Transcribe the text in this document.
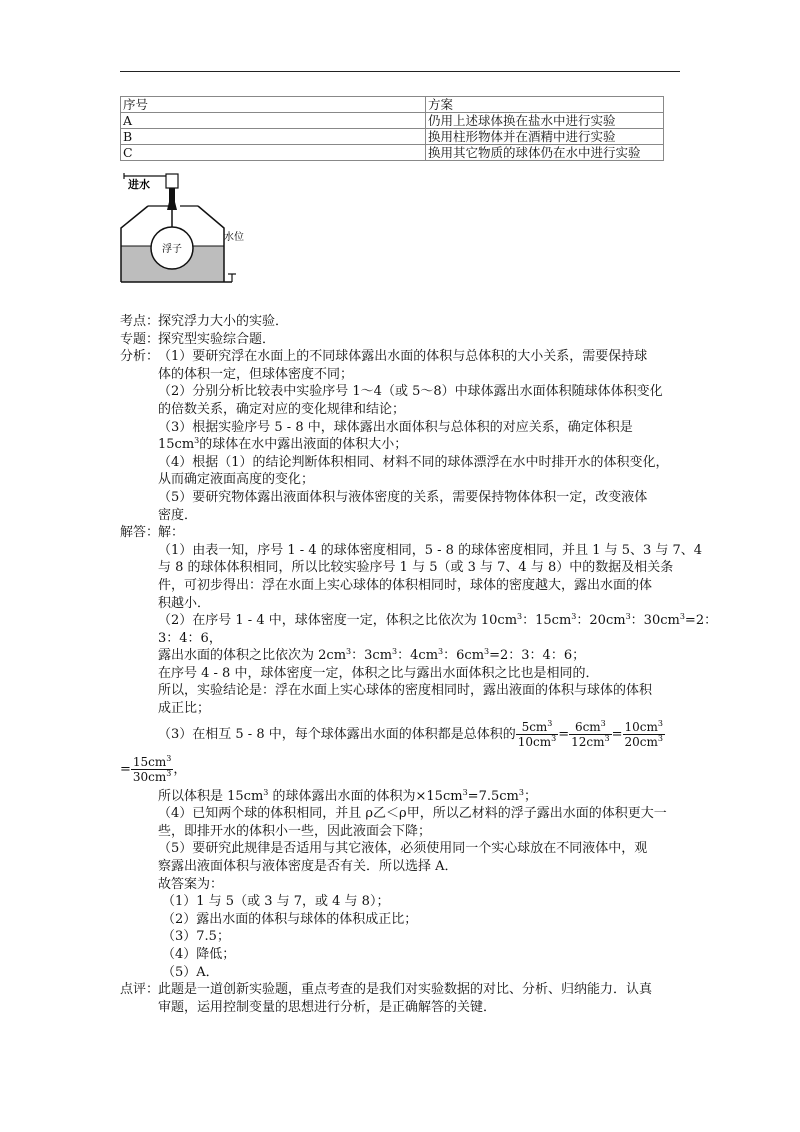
序号	方案
A	仍用上述球体换在盐水中进行实验
B	换用柱形物体并在酒精中进行实验
C	换用其它物质的球体仍在水中进行实验
进水
浮子
水位
考点：
探究浮力大小的实验．
专题：
探究型实验综合题．
分析：
（1）要研究浮在水面上的不同球体露出水面的体积与总体积的大小关系，需要保持球
体的体积一定，但球体密度不同；
（2）分别分析比较表中实验序号 1～4（或 5～8）中球体露出水面体积随球体体积变化
的倍数关系，确定对应的变化规律和结论；
（3）根据实验序号 5 - 8 中，球体露出水面体积与总体积的对应关系，确定体积是
$15cm^3$的球体在水中露出液面的体积大小；
（4）根据（1）的结论判断体积相同、材料不同的球体漂浮在水中时排开水的体积变化，
从而确定液面高度的变化；
（5）要研究物体露出液面体积与液体密度的关系，需要保持物体体积一定，改变液体
密度．
解答：
解：
（1）由表一知，序号 1 - 4 的球体密度相同，5 - 8 的球体密度相同，并且 1 与 5、3 与 7、4
与 8 的球体体积相同，所以比较实验序号 1 与 5（或 3 与 7、4 与 8）中的数据及相关条
件，可初步得出：浮在水面上实心球体的体积相同时，球体的密度越大，露出水面的体
积越小．
（2）在序号 1 - 4 中，球体密度一定，体积之比依次为 $10cm^3$：$15cm^3$：$20cm^3$：$30cm^3=2$：
3：4：6，
露出水面的体积之比依次为 $2cm^3$：$3cm^3$：$4cm^3$：$6cm^3=2$：3：4：6；
在序号 4 - 8 中，球体密度一定，体积之比与露出水面体积之比也是相同的．
所以，实验结论是：浮在水面上实心球体的密度相同时，露出液面的体积与球体的体积
成正比；
（3）在相互 5 - 8 中，每个球体露出水面的体积都是总体积的 $\frac{5cm^3}{10cm^3} = \frac{6cm^3}{12cm^3} = \frac{10cm^3}{20cm^3}$
= $\frac{15cm^3}{30cm^3}$ ，
所以体积是 $15cm^3$ 的球体露出水面的体积为$\times 15cm^3=7.5cm^3$；
（4）已知两个球的体积相同，并且 ρ乙＜ρ甲，所以乙材料的浮子露出水面的体积更大一
些，即排开水的体积小一些，因此液面会下降；
（5）要研究此规律是否适用与其它液体，必须使用同一个实心球放在不同液体中，观
察露出液面体积与液体密度是否有关．所以选择 A．
故答案为：
（1）1 与 5（或 3 与 7，或 4 与 8）；
（2）露出水面的体积与球体的体积成正比；
（3）7.5；
（4）降低；
（5）A．
点评：
此题是一道创新实验题，重点考查的是我们对实验数据的对比、分析、归纳能力．认真
审题，运用控制变量的思想进行分析，是正确解答的关键．
